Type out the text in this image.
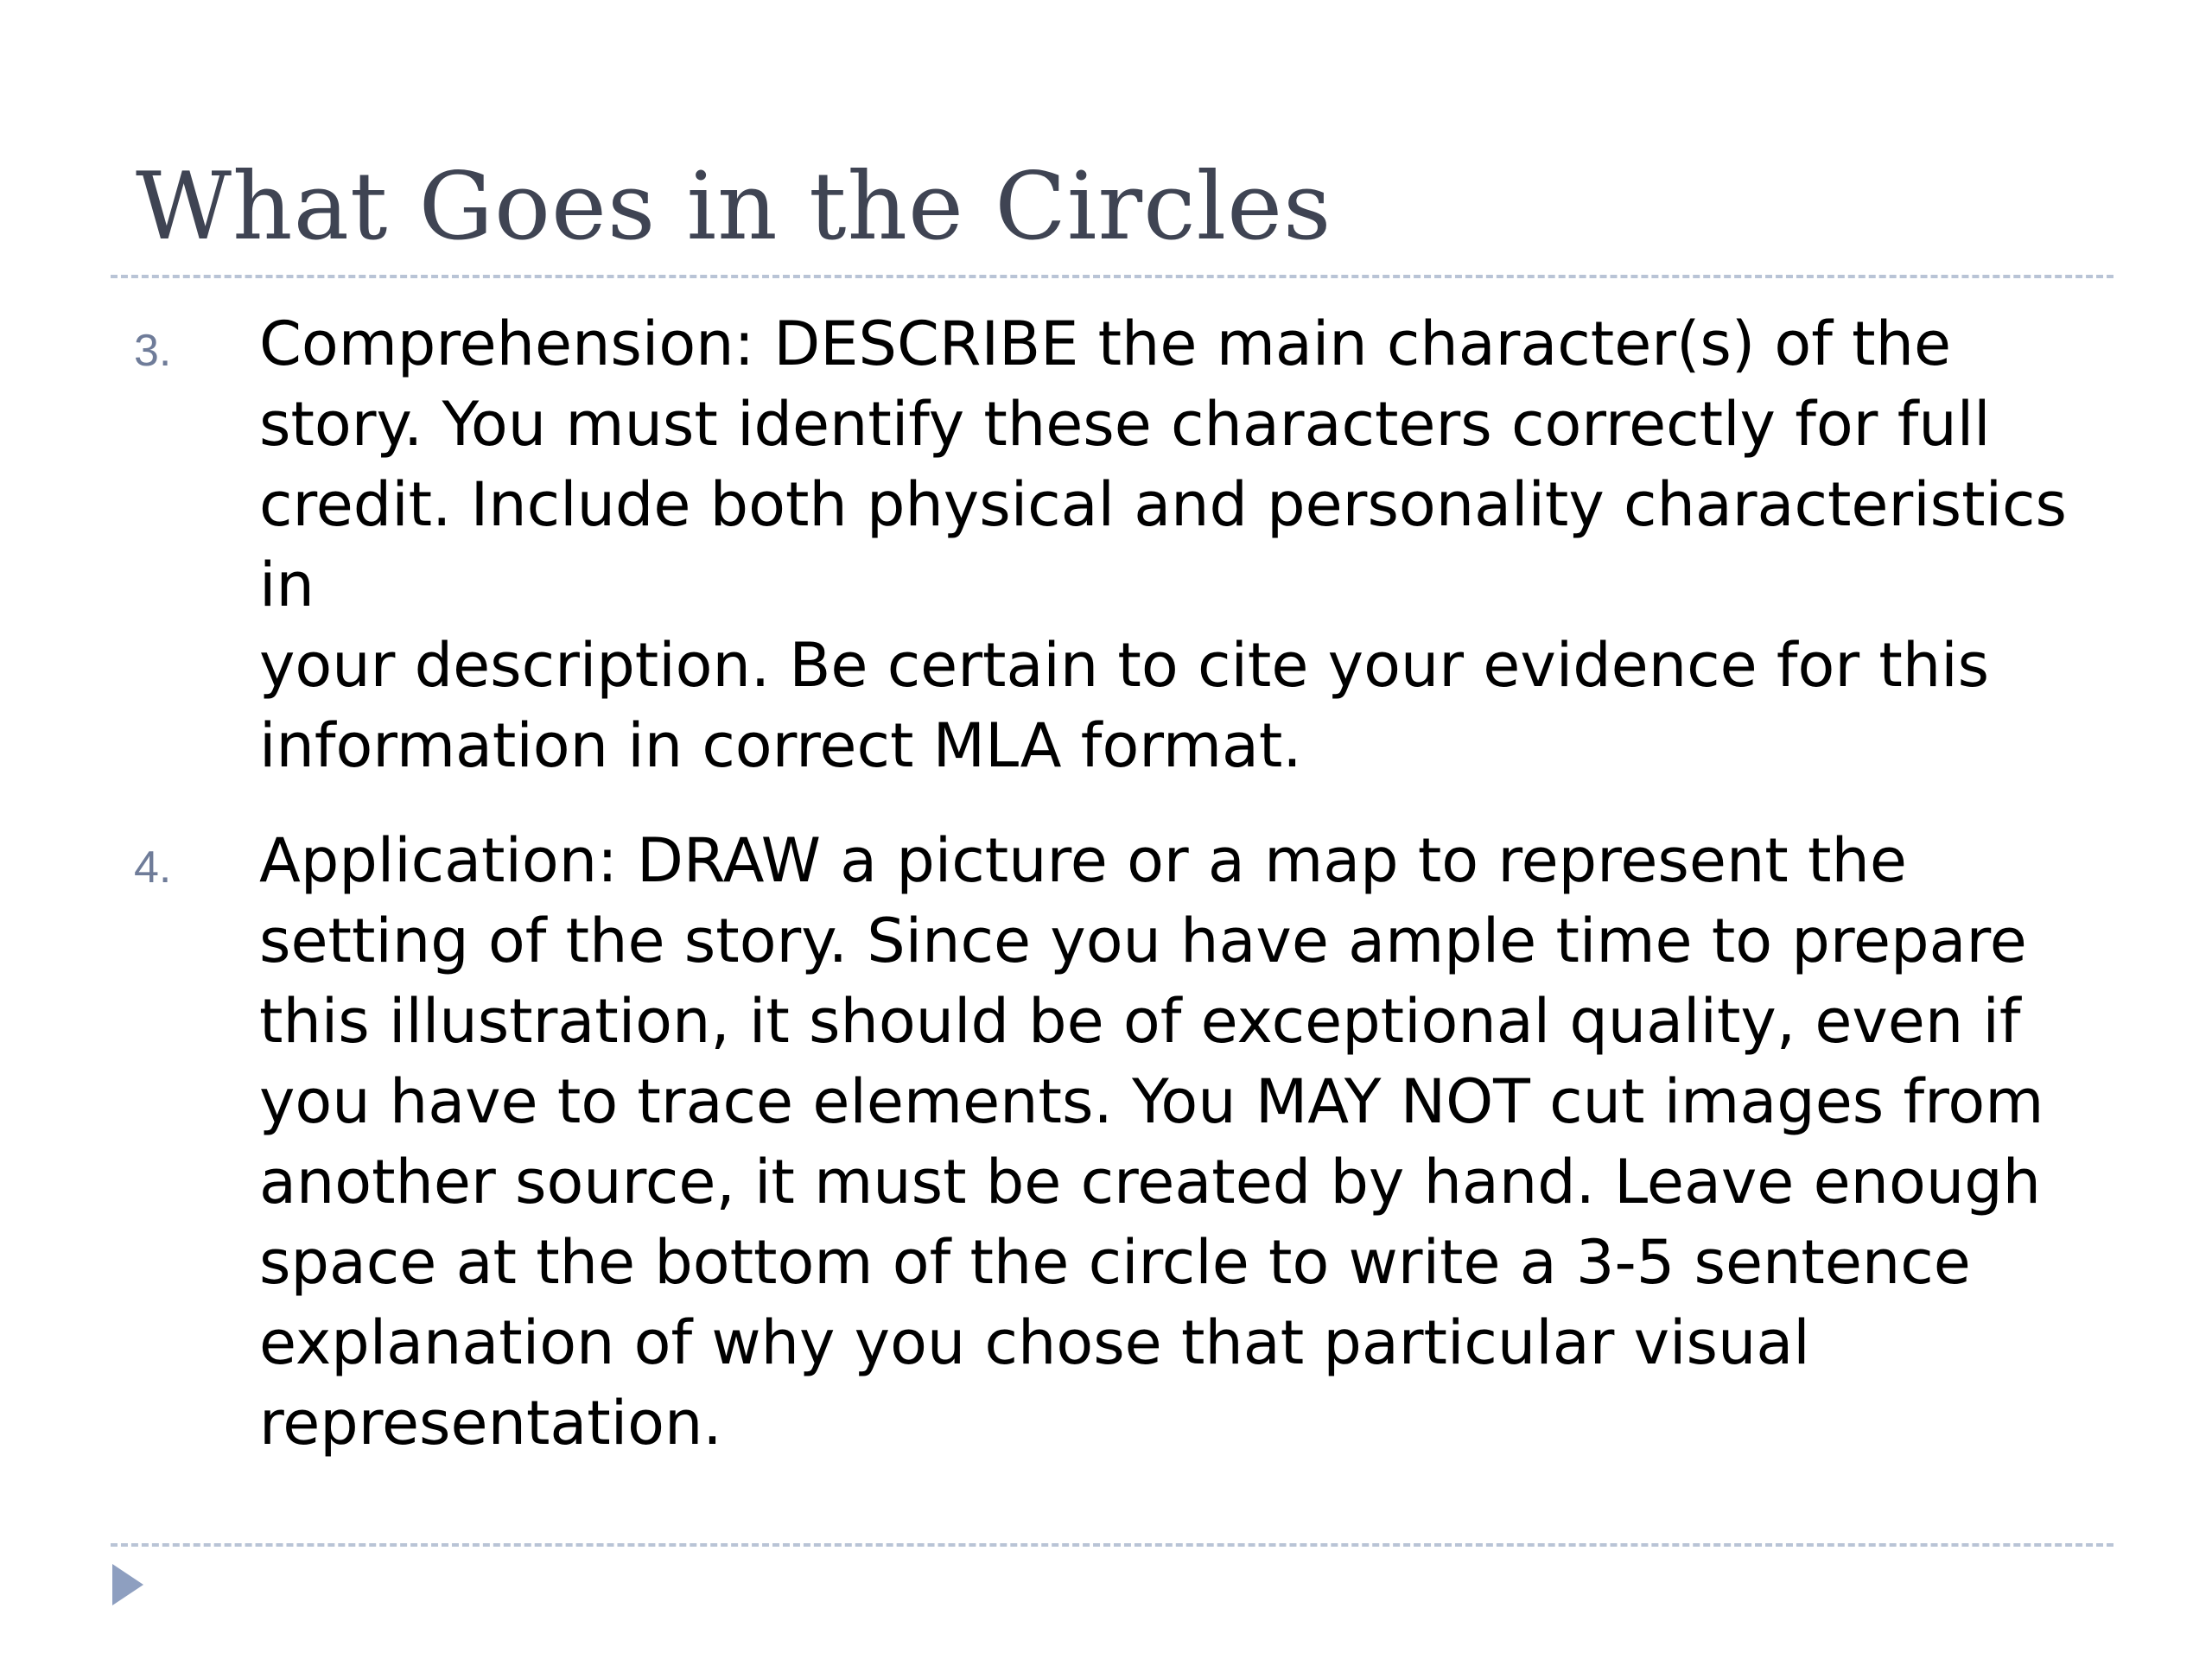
What Goes in the Circles
3. Comprehension: DESCRIBE the main character(s) of the
story. You must identify these characters correctly for full
credit. Include both physical and personality characteristics in
your description. Be certain to cite your evidence for this
information in correct MLA format.
4. Application: DRAW a picture or a map to represent the
setting of the story. Since you have ample time to prepare
this illustration, it should be of exceptional quality, even if
you have to trace elements. You MAY NOT cut images from
another source, it must be created by hand. Leave enough
space at the bottom of the circle to write a 3-5 sentence
explanation of why you chose that particular visual
representation.
